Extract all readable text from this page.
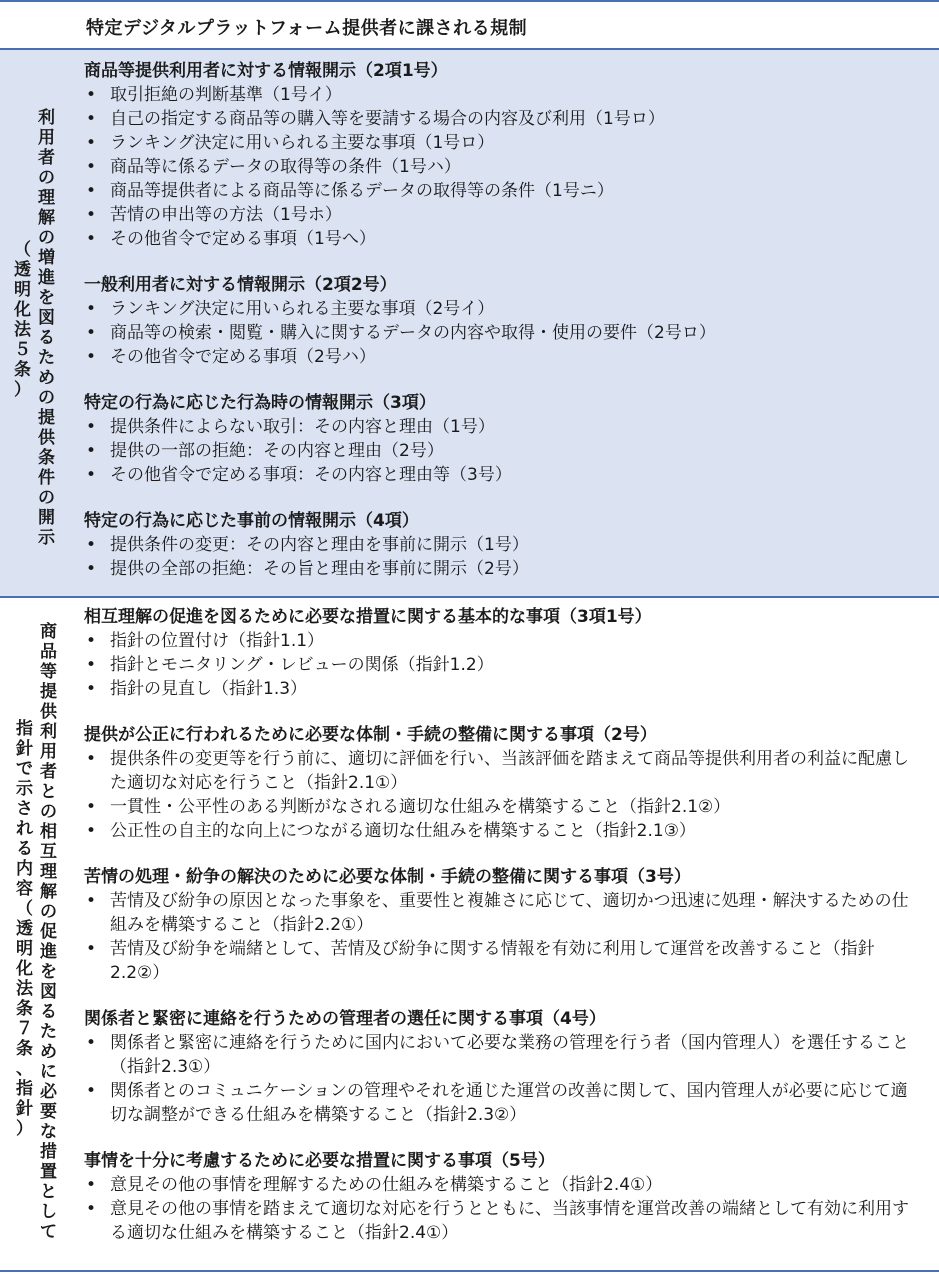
特定デジタルプラットフォーム提供者に課される規制
利
用
者
の
理
解
の
増
進
を
図
る
た
め
の
提
供
条
件
の
開
示
（
透
明
化
法
５
条
）
商品等提供利用者に対する情報開示（2項1号）
• 取引拒絶の判断基準（1号イ）
• 自己の指定する商品等の購入等を要請する場合の内容及び利用（1号ロ）
• ランキング決定に用いられる主要な事項（1号ロ）
• 商品等に係るデータの取得等の条件（1号ハ）
• 商品等提供者による商品等に係るデータの取得等の条件（1号ニ）
• 苦情の申出等の方法（1号ホ）
• その他省令で定める事項（1号へ）
一般利用者に対する情報開示（2項2号）
• ランキング決定に用いられる主要な事項（2号イ）
• 商品等の検索・閲覧・購入に関するデータの内容や取得・使用の要件（2号ロ）
• その他省令で定める事項（2号ハ）
特定の行為に応じた行為時の情報開示（3項）
• 提供条件によらない取引：その内容と理由（1号）
• 提供の一部の拒絶：その内容と理由（2号）
• その他省令で定める事項：その内容と理由等（3号）
特定の行為に応じた事前の情報開示（4項）
• 提供条件の変更：その内容と理由を事前に開示（1号）
• 提供の全部の拒絶：その旨と理由を事前に開示（2号）
商
品
等
提
供
利
用
者
と
の
相
互
理
解
の
促
進
を
図
る
た
め
に
必
要
な
措
置
と
し
て
指
針
で
示
さ
れ
る
内
容
（
透
明
化
法
条
７
条
、
指
針
）
相互理解の促進を図るために必要な措置に関する基本的な事項（3項1号）
• 指針の位置付け（指針1.1）
• 指針とモニタリング・レビューの関係（指針1.2）
• 指針の見直し（指針1.3）
提供が公正に行われるために必要な体制・手続の整備に関する事項（2号）
• 提供条件の変更等を行う前に、適切に評価を行い、当該評価を踏まえて商品等提供利用者の利益に配慮した適切な対応を行うこと（指針2.1①）
• 一貫性・公平性のある判断がなされる適切な仕組みを構築すること（指針2.1②）
• 公正性の自主的な向上につながる適切な仕組みを構築すること（指針2.1③）
苦情の処理・紛争の解決のために必要な体制・手続の整備に関する事項（3号）
• 苦情及び紛争の原因となった事象を、重要性と複雑さに応じて、適切かつ迅速に処理・解決するための仕組みを構築すること（指針2.2①）
• 苦情及び紛争を端緒として、苦情及び紛争に関する情報を有効に利用して運営を改善すること（指針2.2②）
関係者と緊密に連絡を行うための管理者の選任に関する事項（4号）
• 関係者と緊密に連絡を行うために国内において必要な業務の管理を行う者（国内管理人）を選任すること（指針2.3①）
• 関係者とのコミュニケーションの管理やそれを通じた運営の改善に関して、国内管理人が必要に応じて適切な調整ができる仕組みを構築すること（指針2.3②）
事情を十分に考慮するために必要な措置に関する事項（5号）
• 意見その他の事情を理解するための仕組みを構築すること（指針2.4①）
• 意見その他の事情を踏まえて適切な対応を行うとともに、当該事情を運営改善の端緒として有効に利用する適切な仕組みを構築すること（指針2.4①）
